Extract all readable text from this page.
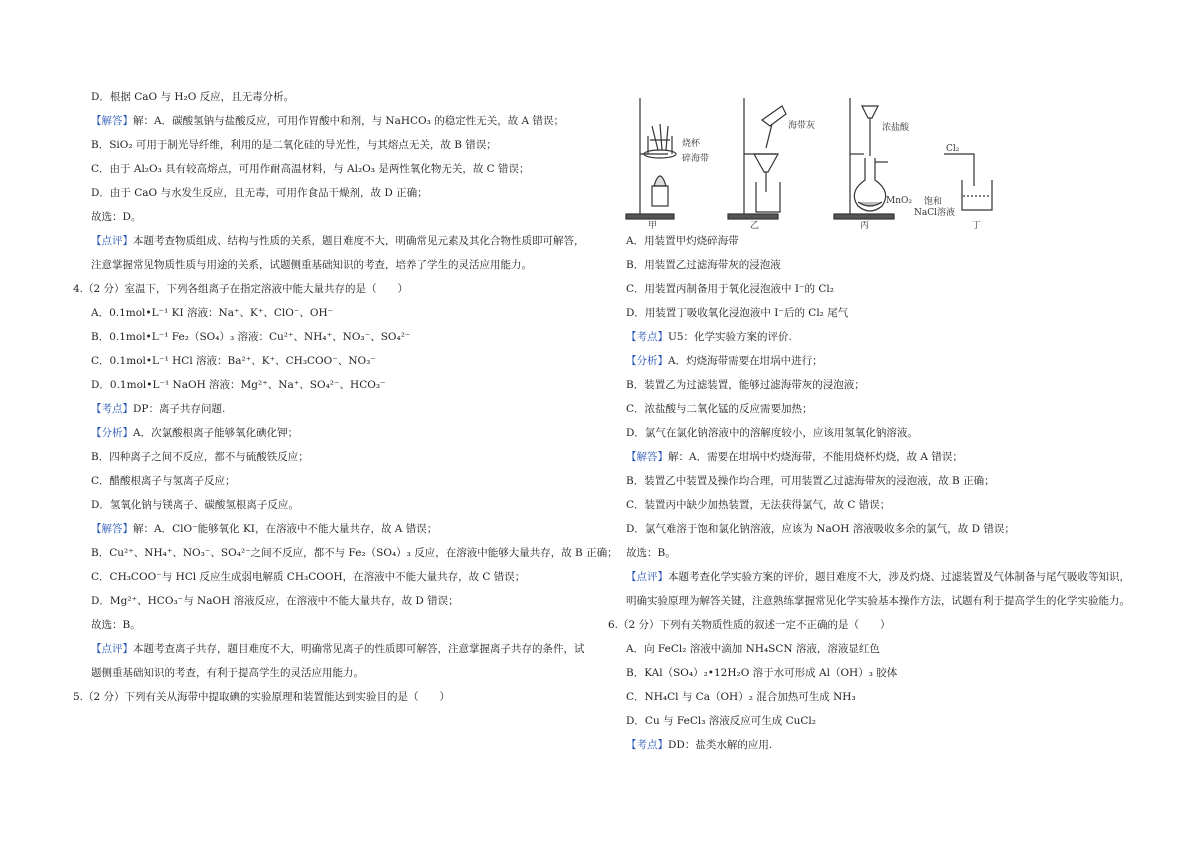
D．根据 CaO 与 H₂O 反应，且无毒分析。
【解答】解：A．碳酸氢钠与盐酸反应，可用作胃酸中和剂，与 NaHCO₃ 的稳定性无关，故 A 错误；
B．SiO₂ 可用于制光导纤维，利用的是二氧化硅的导光性，与其熔点无关，故 B 错误；
C．由于 Al₂O₃ 具有较高熔点，可用作耐高温材料，与 Al₂O₃ 是两性氧化物无关，故 C 错误；
D．由于 CaO 与水发生反应，且无毒，可用作食品干燥剂，故 D 正确；
故选：D。
【点评】本题考查物质组成、结构与性质的关系，题目难度不大，明确常见元素及其化合物性质即可解答，
注意掌握常见物质性质与用途的关系，试题侧重基础知识的考查，培养了学生的灵活应用能力。
4.（2 分）室温下，下列各组离子在指定溶液中能大量共存的是（　　）
A．0.1mol•L⁻¹ KI 溶液：Na⁺、K⁺、ClO⁻、OH⁻
B．0.1mol•L⁻¹ Fe₂（SO₄）₃ 溶液：Cu²⁺、NH₄⁺、NO₃⁻、SO₄²⁻
C．0.1mol•L⁻¹ HCl 溶液：Ba²⁺、K⁺、CH₃COO⁻、NO₃⁻
D．0.1mol•L⁻¹ NaOH 溶液：Mg²⁺、Na⁺、SO₄²⁻、HCO₃⁻
【考点】DP：离子共存问题.
【分析】A．次氯酸根离子能够氧化碘化钾；
B．四种离子之间不反应，都不与硫酸铁反应；
C．醋酸根离子与氢离子反应；
D．氢氧化钠与镁离子、碳酸氢根离子反应。
【解答】解：A．ClO⁻能够氧化 KI，在溶液中不能大量共存，故 A 错误；
B．Cu²⁺、NH₄⁺、NO₃⁻、SO₄²⁻之间不反应，都不与 Fe₂（SO₄）₃ 反应，在溶液中能够大量共存，故 B 正确；
C．CH₃COO⁻与 HCl 反应生成弱电解质 CH₃COOH，在溶液中不能大量共存，故 C 错误；
D．Mg²⁺、HCO₃⁻与 NaOH 溶液反应，在溶液中不能大量共存，故 D 错误；
故选：B。
【点评】本题考查离子共存，题目难度不大，明确常见离子的性质即可解答，注意掌握离子共存的条件，试
题侧重基础知识的考查，有利于提高学生的灵活应用能力。
5.（2 分）下列有关从海带中提取碘的实验原理和装置能达到实验目的是（　　）
A．用装置甲灼烧碎海带
B．用装置乙过滤海带灰的浸泡液
C．用装置丙制备用于氧化浸泡液中 I⁻的 Cl₂
D．用装置丁吸收氧化浸泡液中 I⁻后的 Cl₂ 尾气
【考点】U5：化学实验方案的评价.
【分析】A．灼烧海带需要在坩埚中进行；
B．装置乙为过滤装置，能够过滤海带灰的浸泡液；
C．浓盐酸与二氧化锰的反应需要加热；
D．氯气在氯化钠溶液中的溶解度较小，应该用氢氧化钠溶液。
【解答】解：A．需要在坩埚中灼烧海带，不能用烧杯灼烧，故 A 错误；
B．装置乙中装置及操作均合理，可用装置乙过滤海带灰的浸泡液，故 B 正确；
C．装置丙中缺少加热装置，无法获得氯气，故 C 错误；
D．氯气难溶于饱和氯化钠溶液，应该为 NaOH 溶液吸收多余的氯气，故 D 错误；
故选：B。
【点评】本题考查化学实验方案的评价，题目难度不大，涉及灼烧、过滤装置及气体制备与尾气吸收等知识，
明确实验原理为解答关键，注意熟练掌握常见化学实验基本操作方法，试题有利于提高学生的化学实验能力。
6.（2 分）下列有关物质性质的叙述一定不正确的是（　　）
A．向 FeCl₂ 溶液中滴加 NH₄SCN 溶液，溶液显红色
B．KAl（SO₄）₂•12H₂O 溶于水可形成 Al（OH）₃ 胶体
C．NH₄Cl 与 Ca（OH）₂ 混合加热可生成 NH₃
D．Cu 与 FeCl₃ 溶液反应可生成 CuCl₂
【考点】DD：盐类水解的应用.
烧杯
碎海带
海带灰	浓盐酸
MnO₂
Cl₂
饱和
NaCl溶液
甲	乙	丙	丁
